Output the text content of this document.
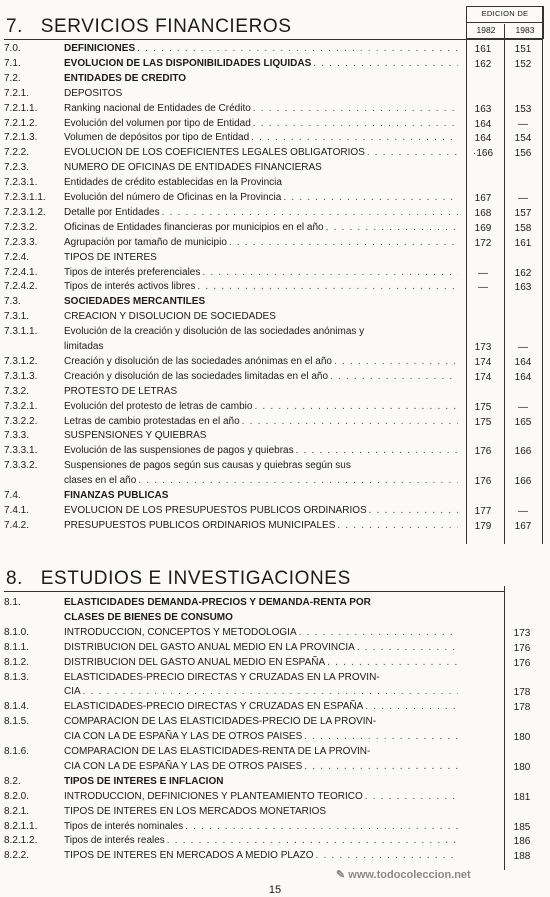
EDICION DE
1982	1983
7. SERVICIOS FINANCIEROS
8. ESTUDIOS E INVESTIGACIONES
7.0.	DEFINICIONES . . .	161	151
7.1.	EVOLUCION DE LAS DISPONIBILIDADES LIQUIDAS . . .	162	152
7.2.	ENTIDADES DE CREDITO
7.2.1.	DEPOSITOS
7.2.1.1.	Ranking nacional de Entidades de Crédito . . .	163	153
7.2.1.2.	Evolución del volumen por tipo de Entidad . . .	164	—
7.2.1.3.	Volumen de depósitos por tipo de Entidad . . .	164	154
7.2.2.	EVOLUCION DE LOS COEFICIENTES LEGALES OBLIGATORIOS . . .	·166	156
7.2.3.	NUMERO DE OFICINAS DE ENTIDADES FINANCIERAS
7.2.3.1.	Entidades de crédito establecidas en la Provincia
7.2.3.1.1. Evolución del número de Oficinas en la Provincia . . .	167	—
7.2.3.1.2. Detalle por Entidades . . .	168	157
7.2.3.2.	Oficinas de Entidades financieras por municipios en el año . . .	169	158
7.2.3.3.	Agrupación por tamaño de municipio . . .	172	161
7.2.4.	TIPOS DE INTERES
7.2.4.1.	Tipos de interés preferenciales . . .	—	162
7.2.4.2.	Tipos de interés activos libres . . .	—	163
7.3.	SOCIEDADES MERCANTILES
7.3.1.	CREACION Y DISOLUCION DE SOCIEDADES
7.3.1.1.	Evolución de la creación y disolución de las sociedades anónimas y
limitadas	173	—
7.3.1.2.	Creación y disolución de las sociedades anónimas en el año . . .	174	164
7.3.1.3.	Creación y disolución de las sociedades limitadas en el año . . .	174	164
7.3.2.	PROTESTO DE LETRAS
7.3.2.1.	Evolución del protesto de letras de cambio . . .	175	—
7.3.2.2.	Letras de cambio protestadas en el año . . .	175	165
7.3.3.	SUSPENSIONES Y QUIEBRAS
7.3.3.1.	Evolución de las suspensiones de pagos y quiebras . . .	176	166
7.3.3.2.	Suspensiones de pagos según sus causas y quiebras según sus
clases en el año . . .	176	166
7.4.	FINANZAS PUBLICAS
7.4.1.	EVOLUCION DE LOS PRESUPUESTOS PUBLICOS ORDINARIOS . . .	177	—
7.4.2.	PRESUPUESTOS PUBLICOS ORDINARIOS MUNICIPALES . . .	179	167
8.1.	ELASTICIDADES DEMANDA-PRECIOS Y DEMANDA-RENTA POR
CLASES DE BIENES DE CONSUMO
8.1.0.	INTRODUCCION, CONCEPTOS Y METODOLOGIA . . .	173
8.1.1.	DISTRIBUCION DEL GASTO ANUAL MEDIO EN LA PROVINCIA . . .	176
8.1.2.	DISTRIBUCION DEL GASTO ANUAL MEDIO EN ESPAÑA . . .	176
8.1.3.	ELASTICIDADES-PRECIO DIRECTAS Y CRUZADAS EN LA PROVIN-
CIA . . .	178
8.1.4.	ELASTICIDADES-PRECIO DIRECTAS Y CRUZADAS EN ESPAÑA . . .	178
8.1.5.	COMPARACION DE LAS ELASTICIDADES-PRECIO DE LA PROVIN-
CIA CON LA DE ESPAÑA Y LAS DE OTROS PAISES . . .	180
8.1.6.	COMPARACION DE LAS ELASTICIDADES-RENTA DE LA PROVIN-
CIA CON LA DE ESPAÑA Y LAS DE OTROS PAISES . . .	180
8.2.	TIPOS DE INTERES E INFLACION
8.2.0.	INTRODUCCION, DEFINICIONES Y PLANTEAMIENTO TEORICO . . .	181
8.2.1.	TIPOS DE INTERES EN LOS MERCADOS MONETARIOS
8.2.1.1.	Tipos de interés nominales . . .	185
8.2.1.2.	Tipos de interés reales . . .	186
8.2.2.	TIPOS DE INTERES EN MERCADOS A MEDIO PLAZO . . .	188
15
✎ www.todocoleccion.net
